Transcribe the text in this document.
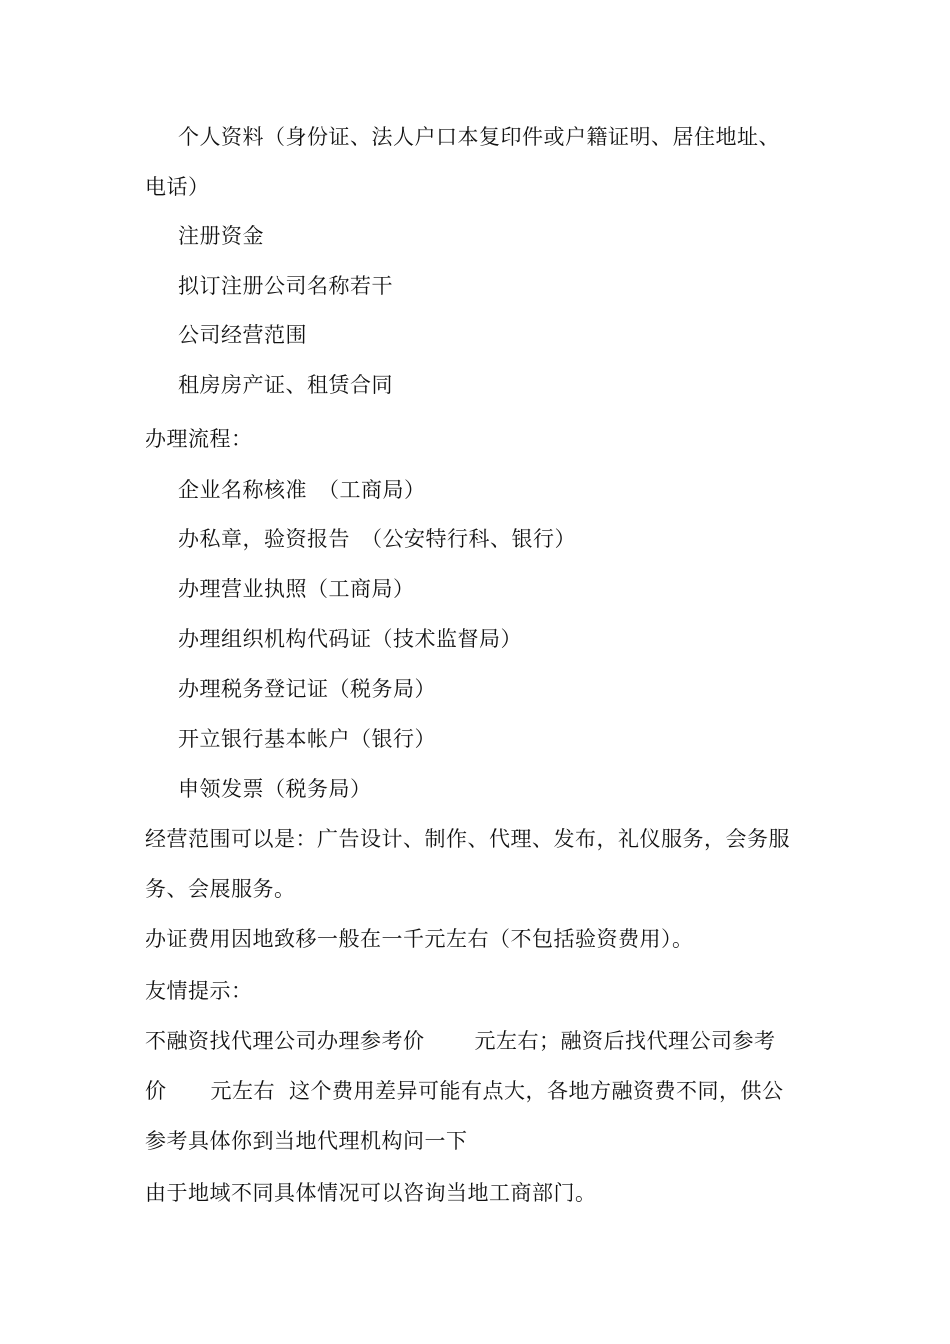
个人资料（身份证、法人户口本复印件或户籍证明、居住地址、
电话）
注册资金
拟订注册公司名称若干
公司经营范围
租房房产证、租赁合同
办理流程：
企业名称核准　（工商局）
办私章，验资报告　（公安特行科、银行）
办理营业执照（工商局）
办理组织机构代码证（技术监督局）
办理税务登记证（税务局）
开立银行基本帐户（银行）
申领发票（税务局）
经营范围可以是：广告设计、制作、代理、发布，礼仪服务，会务服
务、会展服务。
办证费用因地致移一般在一千元左右（不包括验资费用）。
友情提示：
不融资找代理公司办理参考价 元左右；融资后找代理公司参考
价 元左右 这个费用差异可能有点大，各地方融资费不同，供公
参考具体你到当地代理机构问一下
由于地域不同具体情况可以咨询当地工商部门。
